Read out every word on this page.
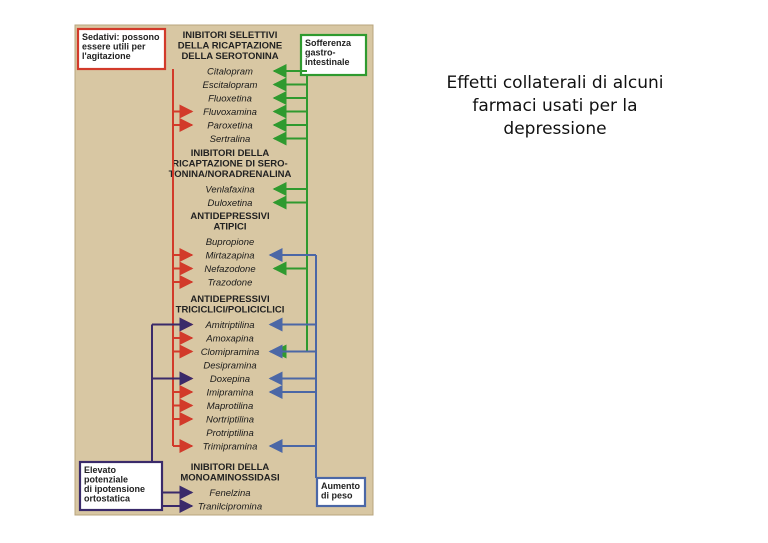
INIBITORI SELETTIVI
DELLA RICAPTAZIONE
DELLA SEROTONINA
Citalopram
Escitalopram
Fluoxetina
Fluvoxamina
Paroxetina
Sertralina
INIBITORI DELLA
RICAPTAZIONE DI SERO-
TONINA/NORADRENALINA
Venlafaxina
Duloxetina
ANTIDEPRESSIVI
ATIPICI
Bupropione
Mirtazapina
Nefazodone
Trazodone
ANTIDEPRESSIVI
TRICICLICI/POLICICLICI
Amitriptilina
Amoxapina
Clomipramina
Desipramina
Doxepina
Imipramina
Maprotilina
Nortriptilina
Protriptilina
Trimipramina
INIBITORI DELLA
MONOAMINOSSIDASI
Fenelzina
Tranilcipromina
Sedativi: possono
essere utili per
l'agitazione
Sofferenza
gastro-
intestinale
Elevato
potenziale
di ipotensione
ortostatica
Aumento
di peso
Effetti collaterali di alcuni
farmaci usati per la
depressione
